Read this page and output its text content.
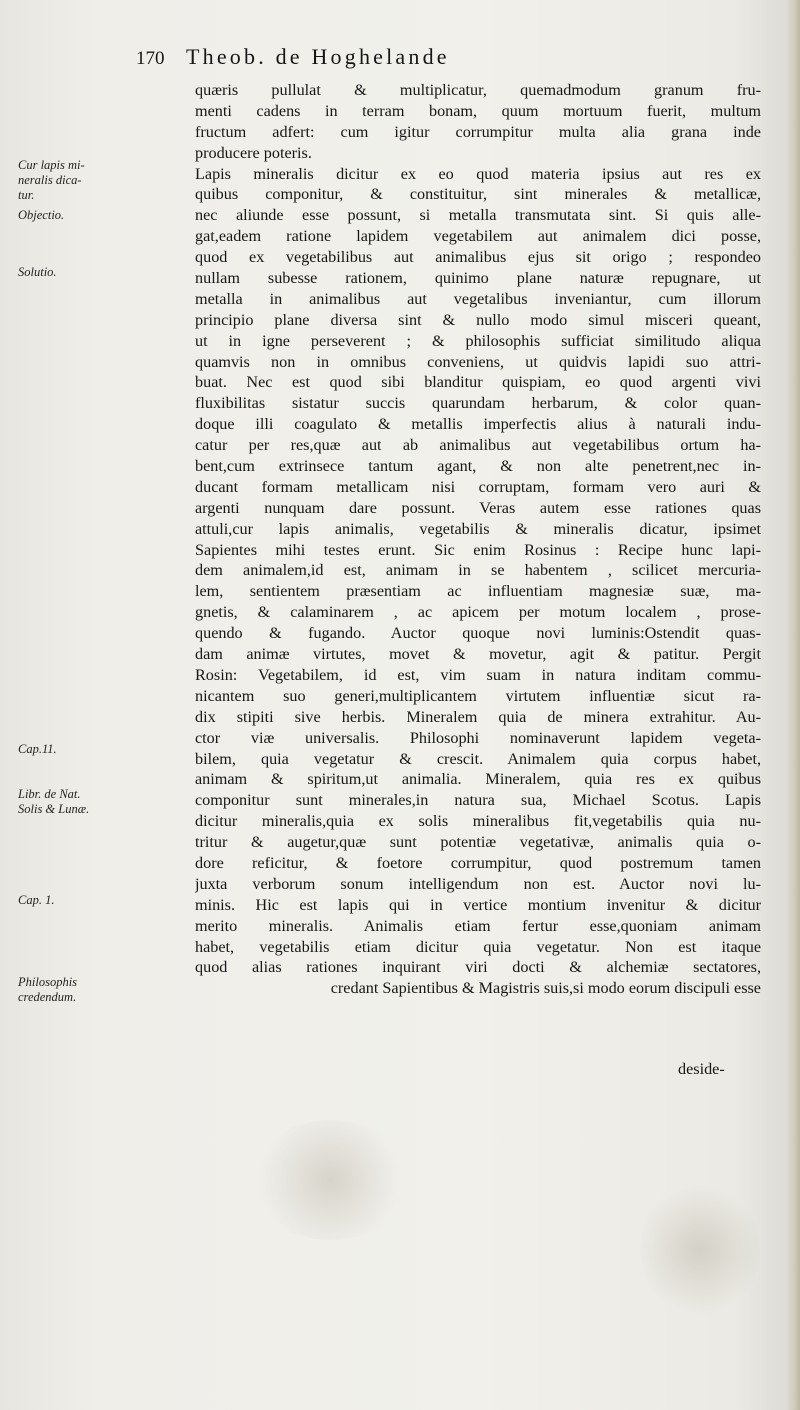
170 Theob. de Hoghelande
Cur lapis mi-
neralis dica-
tur.
Objectio.
Solutio.
Cap.11.
Libr. de Nat.
Solis & Lunæ.
Cap. 1.
Philosophis
credendum.
quæris pullulat & multiplicatur, quemadmodum granum fru-
menti cadens in terram bonam, quum mortuum fuerit, multum
fructum adfert: cum igitur corrumpitur multa alia grana inde
producere poteris.
Lapis mineralis dicitur ex eo quod materia ipsius aut res ex
quibus componitur, & constituitur, sint minerales & metallicæ,
nec aliunde esse possunt, si metalla transmutata sint. Si quis alle-
gat,eadem ratione lapidem vegetabilem aut animalem dici posse,
quod ex vegetabilibus aut animalibus ejus sit origo ; respondeo
nullam subesse rationem, quinimo plane naturæ repugnare, ut
metalla in animalibus aut vegetalibus inveniantur, cum illorum
principio plane diversa sint & nullo modo simul misceri queant,
ut in igne perseverent ; & philosophis sufficiat similitudo aliqua
quamvis non in omnibus conveniens, ut quidvis lapidi suo attri-
buat. Nec est quod sibi blanditur quispiam, eo quod argenti vivi
fluxibilitas sistatur succis quarundam herbarum, & color quan-
doque illi coagulato & metallis imperfectis alius à naturali indu-
catur per res,quæ aut ab animalibus aut vegetabilibus ortum ha-
bent,cum extrinsece tantum agant, & non alte penetrent,nec in-
ducant formam metallicam nisi corruptam, formam vero auri &
argenti nunquam dare possunt. Veras autem esse rationes quas
attuli,cur lapis animalis, vegetabilis & mineralis dicatur, ipsimet
Sapientes mihi testes erunt. Sic enim Rosinus : Recipe hunc lapi-
dem animalem,id est, animam in se habentem , scilicet mercuria-
lem, sentientem præsentiam ac influentiam magnesiæ suæ, ma-
gnetis, & calaminarem , ac apicem per motum localem , prose-
quendo & fugando. Auctor quoque novi luminis:Ostendit quas-
dam animæ virtutes, movet & movetur, agit & patitur. Pergit
Rosin: Vegetabilem, id est, vim suam in natura inditam commu-
nicantem suo generi,multiplicantem virtutem influentiæ sicut ra-
dix stipiti sive herbis. Mineralem quia de minera extrahitur. Au-
ctor viæ universalis. Philosophi nominaverunt lapidem vegeta-
bilem, quia vegetatur & crescit. Animalem quia corpus habet,
animam & spiritum,ut animalia. Mineralem, quia res ex quibus
componitur sunt minerales,in natura sua, Michael Scotus. Lapis
dicitur mineralis,quia ex solis mineralibus fit,vegetabilis quia nu-
tritur & augetur,quæ sunt potentiæ vegetativæ, animalis quia o-
dore reficitur, & foetore corrumpitur, quod postremum tamen
juxta verborum sonum intelligendum non est. Auctor novi lu-
minis. Hic est lapis qui in vertice montium invenitur & dicitur
merito mineralis. Animalis etiam fertur esse,quoniam animam
habet, vegetabilis etiam dicitur quia vegetatur. Non est itaque
quod alias rationes inquirant viri docti & alchemiæ sectatores,
credant Sapientibus & Magistris suis,si modo eorum discipuli esse
deside-
